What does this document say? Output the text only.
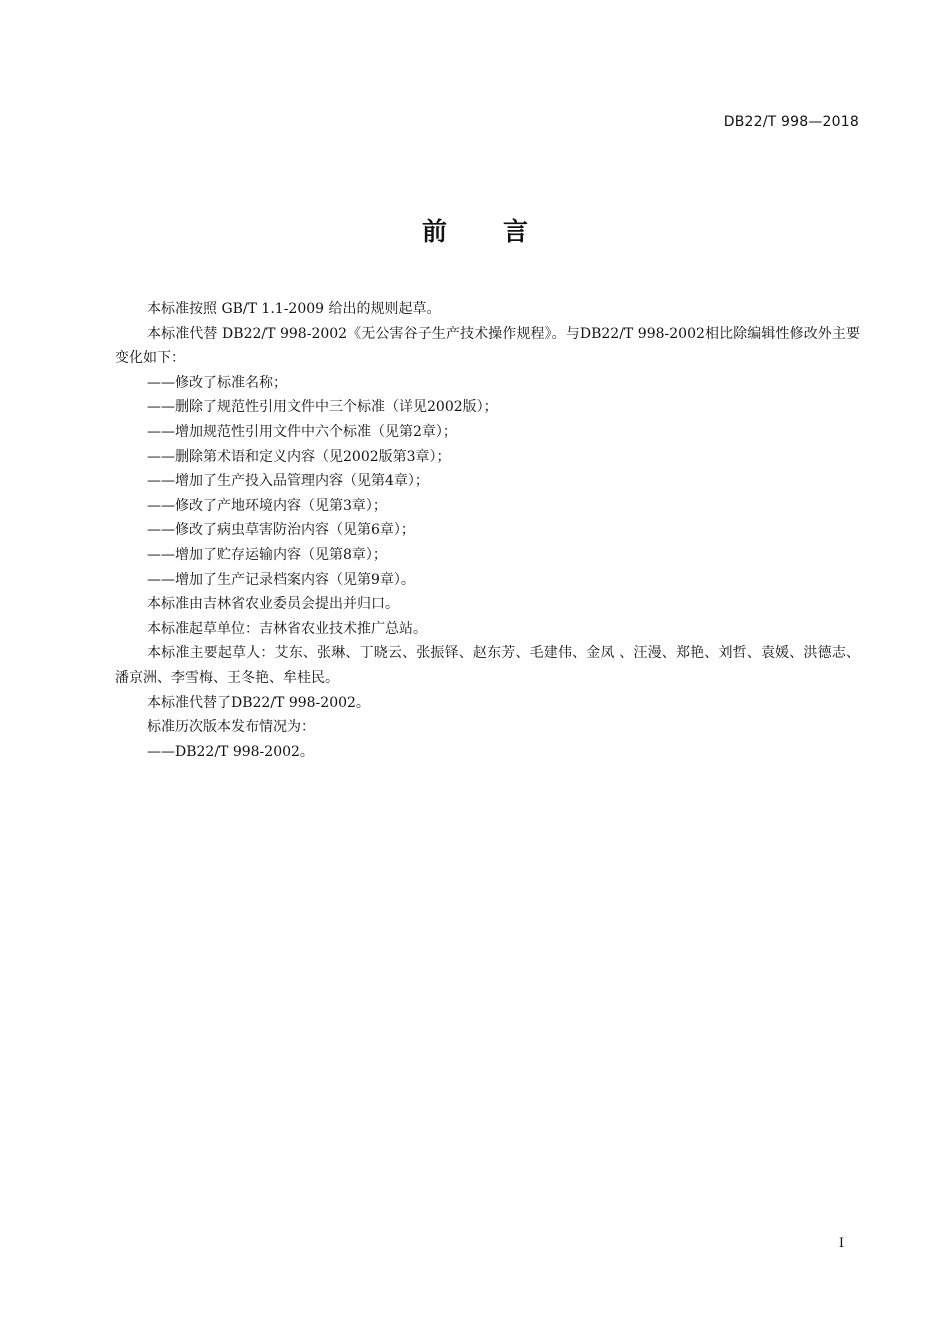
DB22/T 998—2018
前 言

本标准按照 GB/T 1.1-2009 给出的规则起草。

本标准代替 DB22/T 998-2002《无公害谷子生产技术操作规程》。与DB22/T 998-2002相比除编辑性修改外主要变化如下：

——修改了标准名称；

——删除了规范性引用文件中三个标准（详见2002版）；

——增加规范性引用文件中六个标准（见第2章）；

——删除第术语和定义内容（见2002版第3章）；

——增加了生产投入品管理内容（见第4章）；

——修改了产地环境内容（见第3章）；

——修改了病虫草害防治内容（见第6章）；

——增加了贮存运输内容（见第8章）；

——增加了生产记录档案内容（见第9章）。

本标准由吉林省农业委员会提出并归口。

本标准起草单位：吉林省农业技术推广总站。

本标准主要起草人：艾东、张琳、丁晓云、张振铎、赵东芳、毛建伟、金凤 、汪漫、郑艳、刘哲、袁媛、洪德志、潘京洲、李雪梅、王冬艳、牟桂民。

本标准代替了DB22/T 998-2002。

标准历次版本发布情况为：

——DB22/T 998-2002。

I
